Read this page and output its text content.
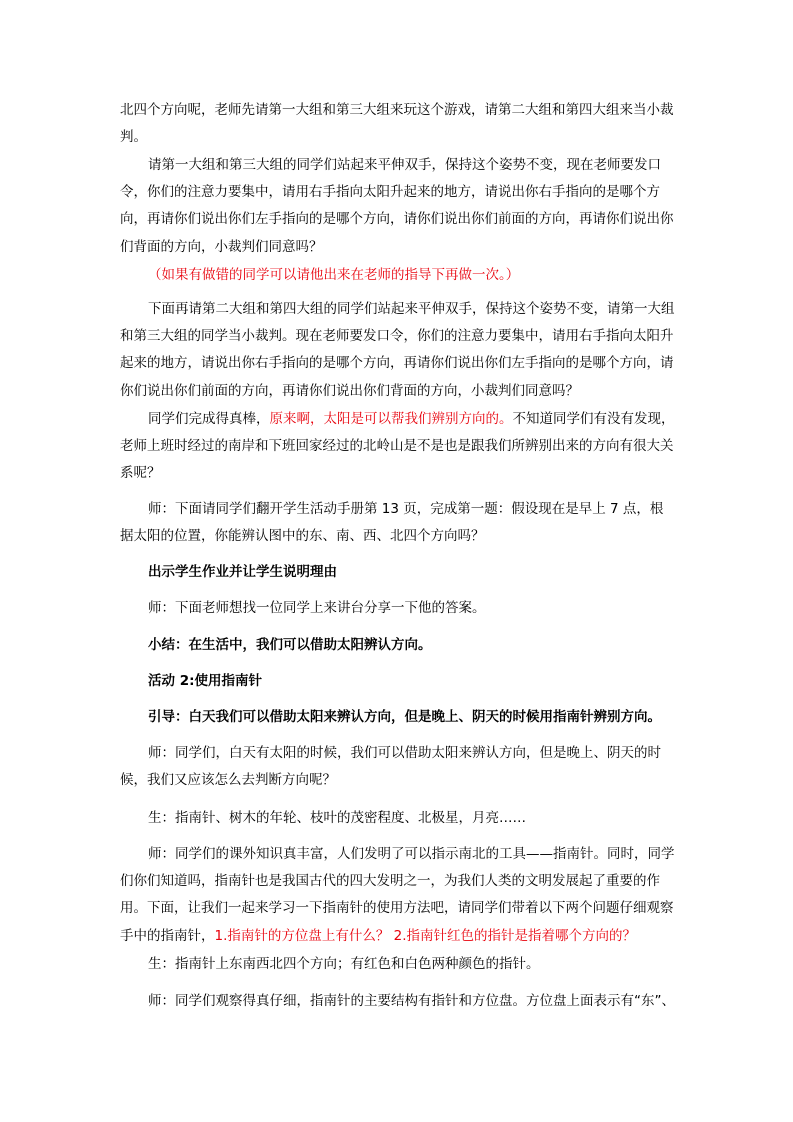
北四个方向呢，老师先请第一大组和第三大组来玩这个游戏，请第二大组和第四大组来当小裁判。

请第一大组和第三大组的同学们站起来平伸双手，保持这个姿势不变，现在老师要发口令，你们的注意力要集中，请用右手指向太阳升起来的地方，请说出你右手指向的是哪个方向，再请你们说出你们左手指向的是哪个方向，请你们说出你们前面的方向，再请你们说出你们背面的方向，小裁判们同意吗？

（如果有做错的同学可以请他出来在老师的指导下再做一次。）

下面再请第二大组和第四大组的同学们站起来平伸双手，保持这个姿势不变，请第一大组和第三大组的同学当小裁判。现在老师要发口令，你们的注意力要集中，请用右手指向太阳升起来的地方，请说出你右手指向的是哪个方向，再请你们说出你们左手指向的是哪个方向，请你们说出你们前面的方向，再请你们说出你们背面的方向，小裁判们同意吗？

同学们完成得真棒，原来啊，太阳是可以帮我们辨别方向的。不知道同学们有没有发现，老师上班时经过的南岸和下班回家经过的北岭山是不是也是跟我们所辨别出来的方向有很大关系呢？

师：下面请同学们翻开学生活动手册第 13 页，完成第一题：假设现在是早上 7 点，根据太阳的位置，你能辨认图中的东、南、西、北四个方向吗？

出示学生作业并让学生说明理由

师：下面老师想找一位同学上来讲台分享一下他的答案。

小结：在生活中，我们可以借助太阳辨认方向。

活动 2:使用指南针

引导：白天我们可以借助太阳来辨认方向，但是晚上、阴天的时候用指南针辨别方向。

师：同学们，白天有太阳的时候，我们可以借助太阳来辨认方向，但是晚上、阴天的时候，我们又应该怎么去判断方向呢？

生：指南针、树木的年轮、枝叶的茂密程度、北极星，月亮……

师：同学们的课外知识真丰富，人们发明了可以指示南北的工具——指南针。同时，同学们你们知道吗，指南针也是我国古代的四大发明之一，为我们人类的文明发展起了重要的作用。下面，让我们一起来学习一下指南针的使用方法吧，请同学们带着以下两个问题仔细观察手中的指南针，1.指南针的方位盘上有什么？ 2.指南针红色的指针是指着哪个方向的？

生：指南针上东南西北四个方向；有红色和白色两种颜色的指针。

师：同学们观察得真仔细，指南针的主要结构有指针和方位盘。方位盘上面表示有“东”、
